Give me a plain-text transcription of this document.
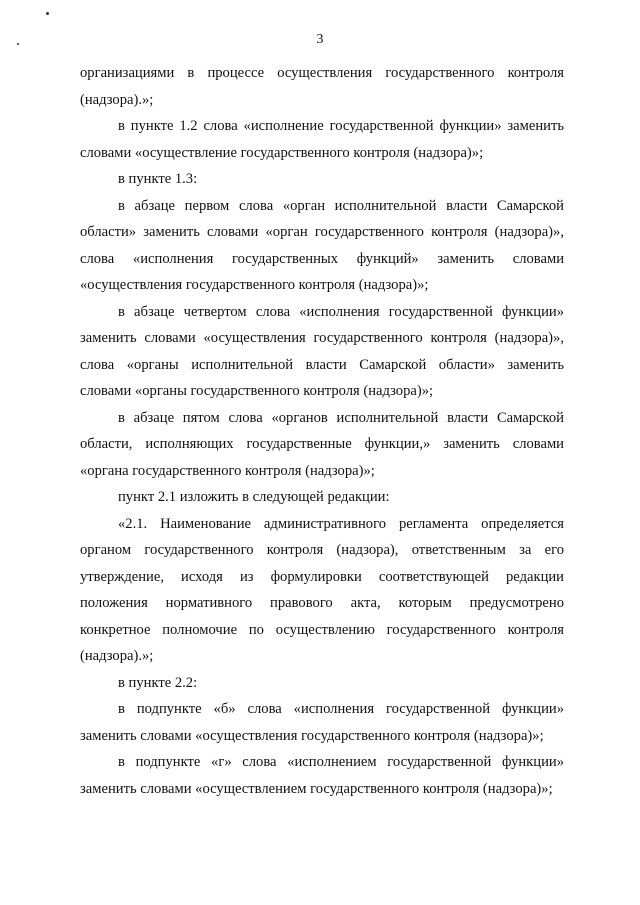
3

организациями в процессе осуществления государственного контроля (надзора).»;

в пункте 1.2 слова «исполнение государственной функции» заменить словами «осуществление государственного контроля (надзора)»;

в пункте 1.3:

в абзаце первом слова «орган исполнительной власти Самарской области» заменить словами «орган государственного контроля (надзора)», слова «исполнения государственных функций» заменить словами «осуществления государственного контроля (надзора)»;

в абзаце четвертом слова «исполнения государственной функции» заменить словами «осуществления государственного контроля (надзора)», слова «органы исполнительной власти Самарской области» заменить словами «органы государственного контроля (надзора)»;

в абзаце пятом слова «органов исполнительной власти Самарской области, исполняющих государственные функции,» заменить словами «органа государственного контроля (надзора)»;

пункт 2.1 изложить в следующей редакции:

«2.1. Наименование административного регламента определяется органом государственного контроля (надзора), ответственным за его утверждение, исходя из формулировки соответствующей редакции положения нормативного правового акта, которым предусмотрено конкретное полномочие по осуществлению государственного контроля (надзора).»;

в пункте 2.2:

в подпункте «б» слова «исполнения государственной функции» заменить словами «осуществления государственного контроля (надзора)»;

в подпункте «г» слова «исполнением государственной функции» заменить словами «осуществлением государственного контроля (надзора)»;
